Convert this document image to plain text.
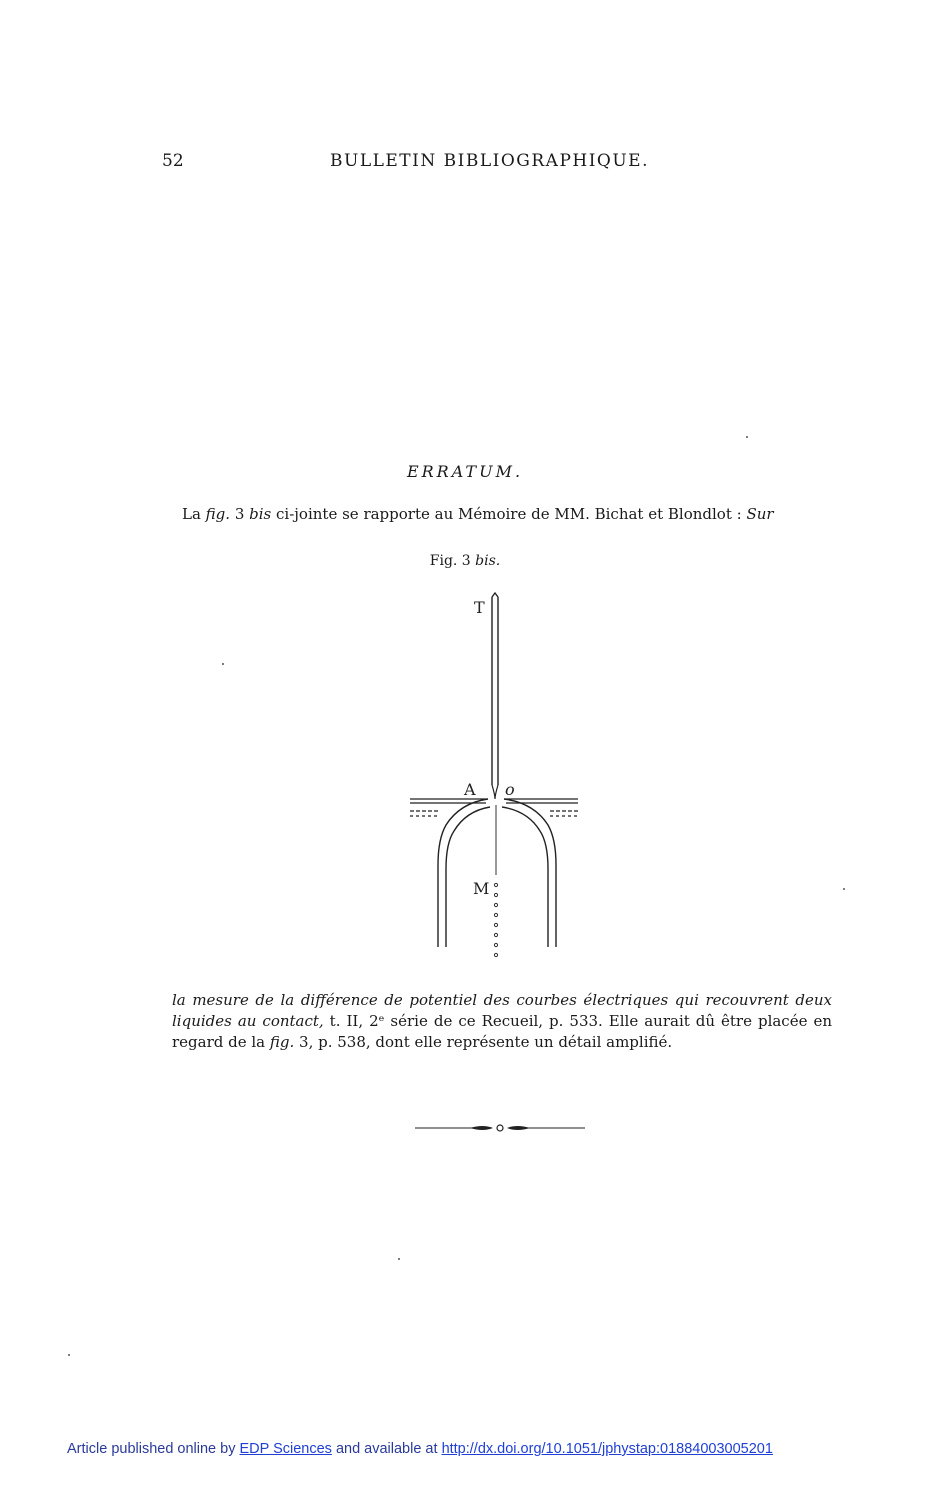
52	BULLETIN BIBLIOGRAPHIQUE.
ERRATUM.
La fig. 3 bis ci-jointe se rapporte au Mémoire de MM. Bichat et Blondlot : Sur
Fig. 3 bis.
T
A o
M
la mesure de la différence de potentiel des courbes électriques qui recouvrent deux liquides au contact, t. II, 2ᵉ série de ce Recueil, p. 533. Elle aurait dû être placée en regard de la fig. 3, p. 538, dont elle représente un détail amplifié.
Article published online by EDP Sciences and available at http://dx.doi.org/10.1051/jphystap:01884003005201
